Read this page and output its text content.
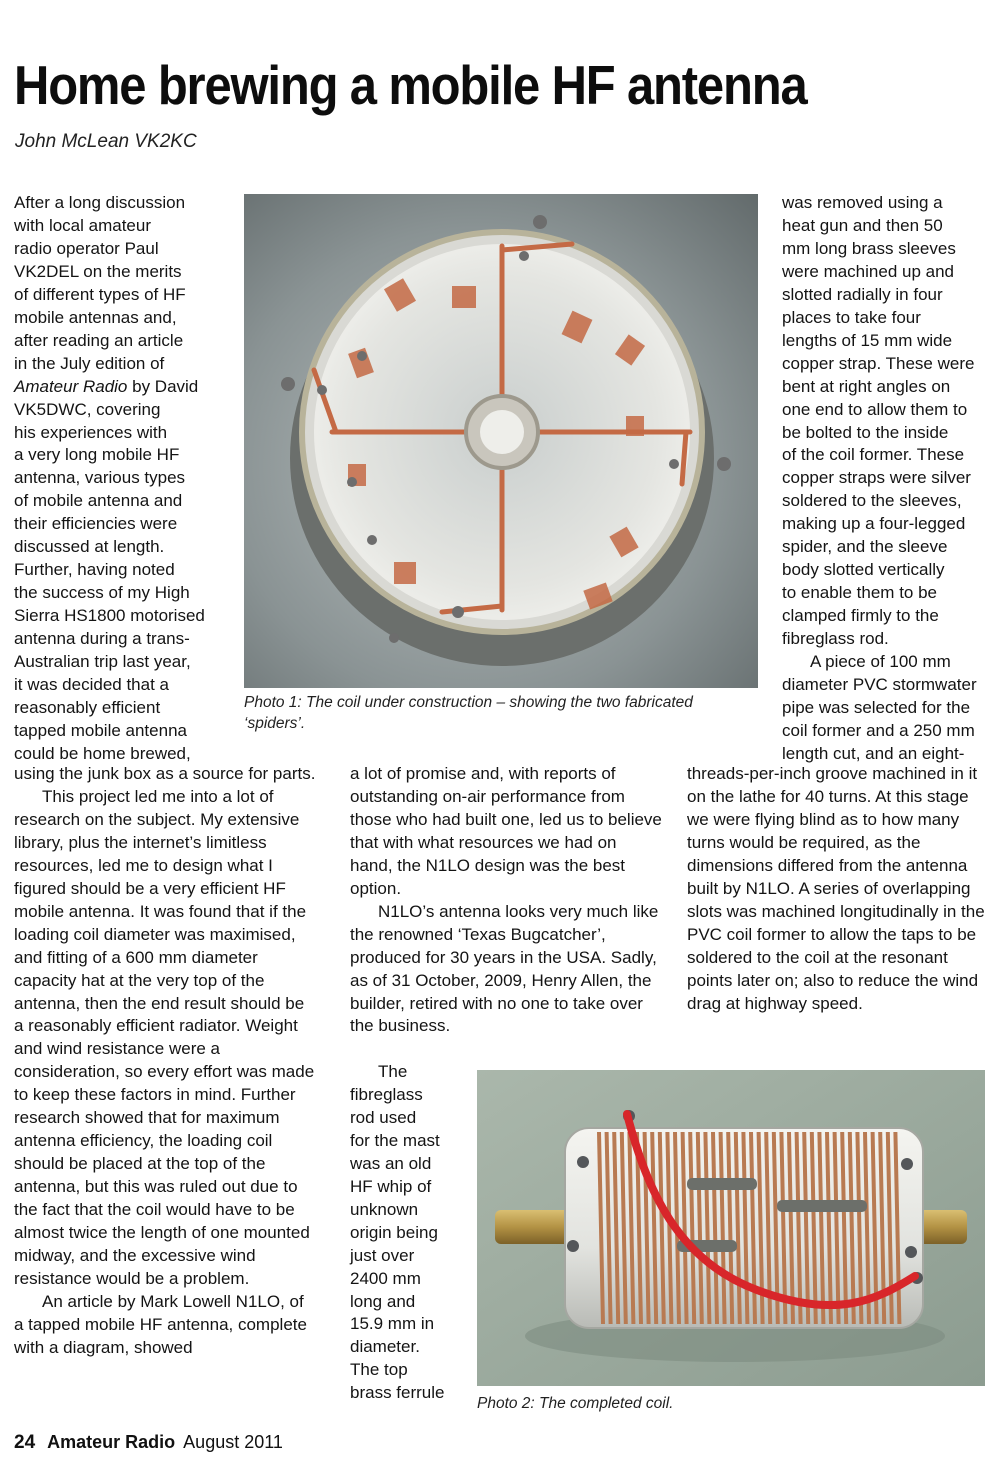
Home brewing a mobile HF antenna
John McLean VK2KC
After a long discussion
with local amateur
radio operator Paul
VK2DEL on the merits
of different types of HF
mobile antennas and,
after reading an article
in the July edition of
Amateur Radio by David
VK5DWC, covering
his experiences with
a very long mobile HF
antenna, various types
of mobile antenna and
their efficiencies were
discussed at length.
Further, having noted
the success of my High
Sierra HS1800 motorised
antenna during a trans-
Australian trip last year,
it was decided that a
reasonably efficient
tapped mobile antenna
could be home brewed,

using the junk box as a source for parts.

This project led me into a lot of research on the subject. My extensive library, plus the internet’s limitless resources, led me to design what I figured should be a very efficient HF mobile antenna. It was found that if the loading coil diameter was maximised, and fitting of a 600 mm diameter capacity hat at the very top of the antenna, then the end result should be a reasonably efficient radiator. Weight and wind resistance were a consideration, so every effort was made to keep these factors in mind. Further research showed that for maximum antenna efficiency, the loading coil should be placed at the top of the antenna, but this was ruled out due to the fact that the coil would have to be almost twice the length of one mounted midway, and the excessive wind resistance would be a problem.

An article by Mark Lowell N1LO, of a tapped mobile HF antenna, complete with a diagram, showed

Photo 1: The coil under construction – showing the two fabricated ‘spiders’.
was removed using a
heat gun and then 50
mm long brass sleeves
were machined up and
slotted radially in four
places to take four
lengths of 15 mm wide
copper strap. These were
bent at right angles on
one end to allow them to
be bolted to the inside
of the coil former. These
copper straps were silver
soldered to the sleeves,
making up a four-legged
spider, and the sleeve
body slotted vertically
to enable them to be
clamped firmly to the
fibreglass rod.
A piece of 100 mm
diameter PVC stormwater
pipe was selected for the
coil former and a 250 mm
length cut, and an eight-

a lot of promise and, with reports of outstanding on-air performance from those who had built one, led us to believe that with what resources we had on hand, the N1LO design was the best option.

N1LO’s antenna looks very much like the renowned ‘Texas Bugcatcher’, produced for 30 years in the USA. Sadly, as of 31 October, 2009, Henry Allen, the builder, retired with no one to take over the business.

The
fibreglass
rod used
for the mast
was an old
HF whip of
unknown
origin being
just over
2400 mm
long and
15.9 mm in
diameter.
The top
brass ferrule

threads-per-inch groove machined in it on the lathe for 40 turns. At this stage we were flying blind as to how many turns would be required, as the dimensions differed from the antenna built by N1LO. A series of overlapping slots was machined longitudinally in the PVC coil former to allow the taps to be soldered to the coil at the resonant points later on; also to reduce the wind drag at highway speed.

Photo 2: The completed coil.
24 Amateur Radio August 2011
